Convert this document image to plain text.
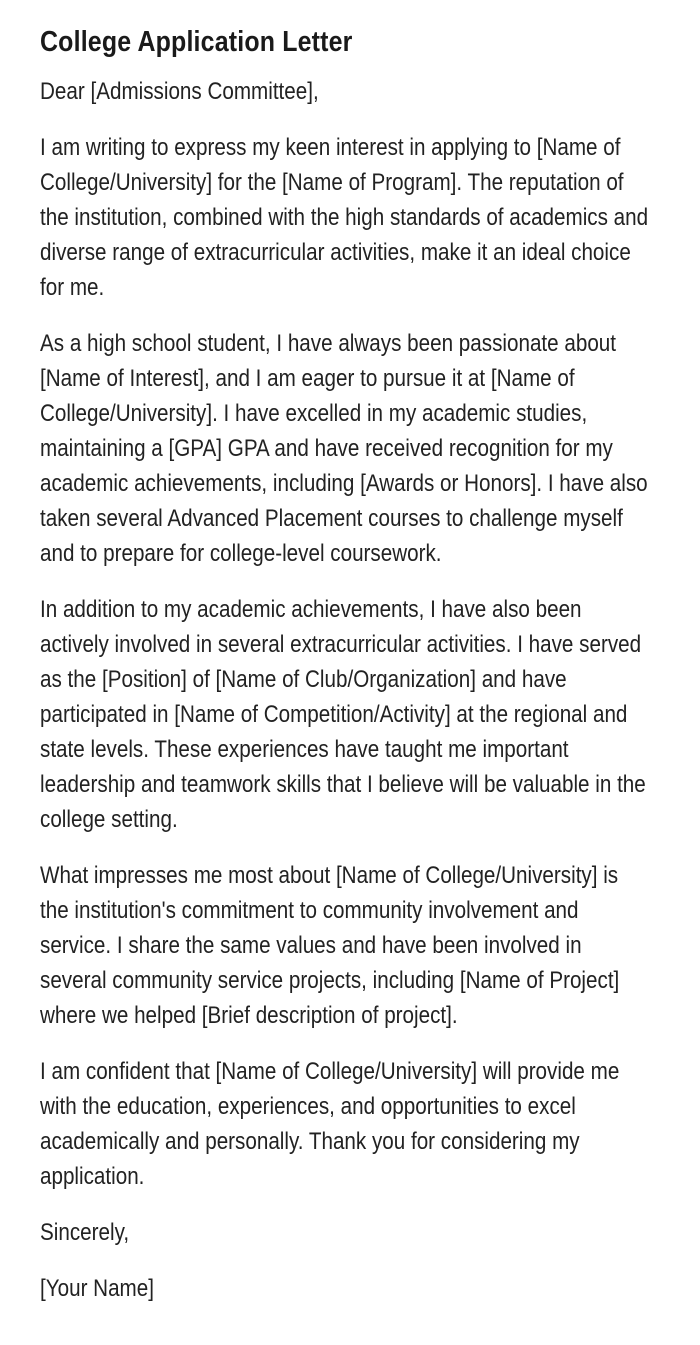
College Application Letter

Dear [Admissions Committee],

I am writing to express my keen interest in applying to [Name of College/University] for the [Name of Program]. The reputation of the institution, combined with the high standards of academics and diverse range of extracurricular activities, make it an ideal choice for me.

As a high school student, I have always been passionate about [Name of Interest], and I am eager to pursue it at [Name of College/University]. I have excelled in my academic studies, maintaining a [GPA] GPA and have received recognition for my academic achievements, including [Awards or Honors]. I have also taken several Advanced Placement courses to challenge myself and to prepare for college-level coursework.

In addition to my academic achievements, I have also been actively involved in several extracurricular activities. I have served as the [Position] of [Name of Club/Organization] and have participated in [Name of Competition/Activity] at the regional and state levels. These experiences have taught me important leadership and teamwork skills that I believe will be valuable in the college setting.

What impresses me most about [Name of College/University] is the institution's commitment to community involvement and service. I share the same values and have been involved in several community service projects, including [Name of Project] where we helped [Brief description of project].

I am confident that [Name of College/University] will provide me with the education, experiences, and opportunities to excel academically and personally. Thank you for considering my application.

Sincerely,

[Your Name]
